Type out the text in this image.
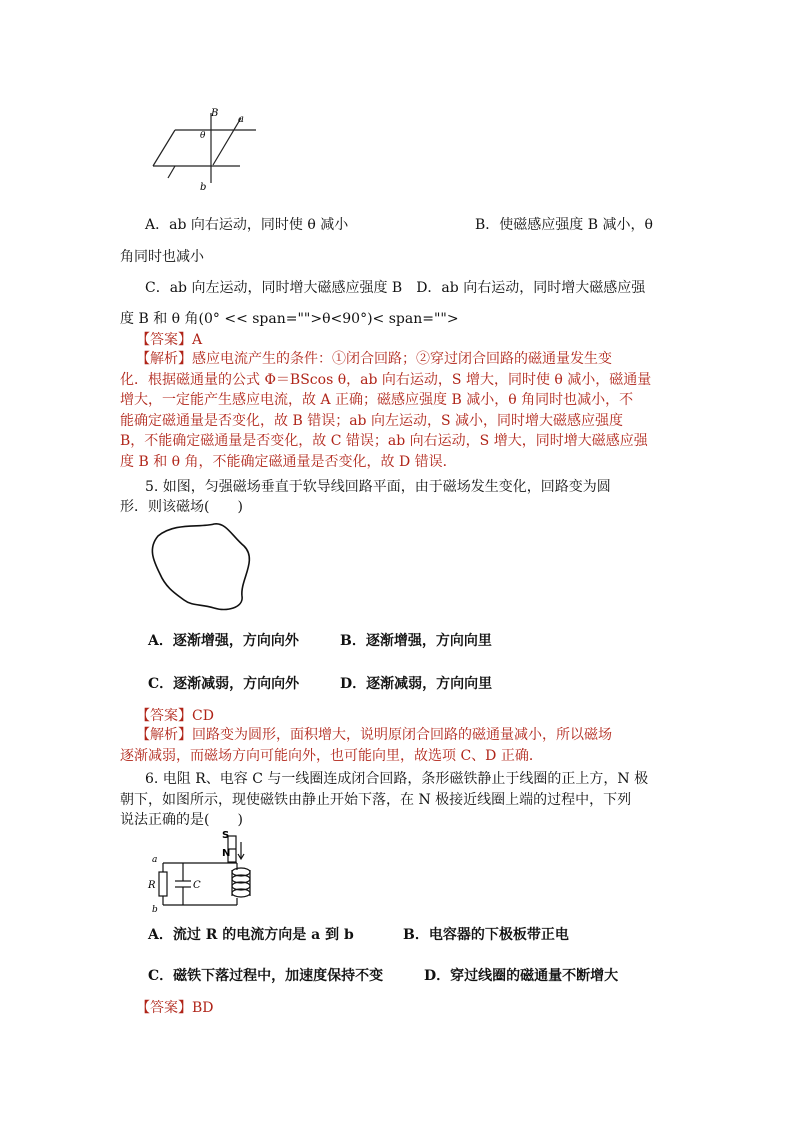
B
a
θ
b
A．ab 向右运动，同时使 θ 减小	B．使磁感应强度 B 减小，θ
角同时也减小
C．ab 向左运动，同时增大磁感应强度 B　D．ab 向右运动，同时增大磁感应强
度 B 和 θ 角(0° << span="">θ<90°)< span="">
【答案】A
【解析】感应电流产生的条件：①闭合回路；②穿过闭合回路的磁通量发生变
化．根据磁通量的公式 Φ＝BScos θ，ab 向右运动，S 增大，同时使 θ 减小，磁通量
增大，一定能产生感应电流，故 A 正确；磁感应强度 B 减小，θ 角同时也减小，不
能确定磁通量是否变化，故 B 错误；ab 向左运动，S 减小，同时增大磁感应强度
B，不能确定磁通量是否变化，故 C 错误；ab 向右运动，S 增大，同时增大磁感应强
度 B 和 θ 角，不能确定磁通量是否变化，故 D 错误．
5. 如图，匀强磁场垂直于软导线回路平面，由于磁场发生变化，回路变为圆
形．则该磁场(　　)
A．逐渐增强，方向向外	B．逐渐增强，方向向里
C．逐渐减弱，方向向外	D．逐渐减弱，方向向里
【答案】CD
【解析】回路变为圆形，面积增大，说明原闭合回路的磁通量减小，所以磁场
逐渐减弱，而磁场方向可能向外，也可能向里，故选项 C、D 正确．
6. 电阻 R、电容 C 与一线圈连成闭合回路，条形磁铁静止于线圈的正上方，N 极
朝下，如图所示，现使磁铁由静止开始下落，在 N 极接近线圈上端的过程中，下列
说法正确的是(　　)
S
N
a
b
R	C
A．流过 R 的电流方向是 a 到 b	B．电容器的下极板带正电
C．磁铁下落过程中，加速度保持不变	D．穿过线圈的磁通量不断增大
【答案】BD
